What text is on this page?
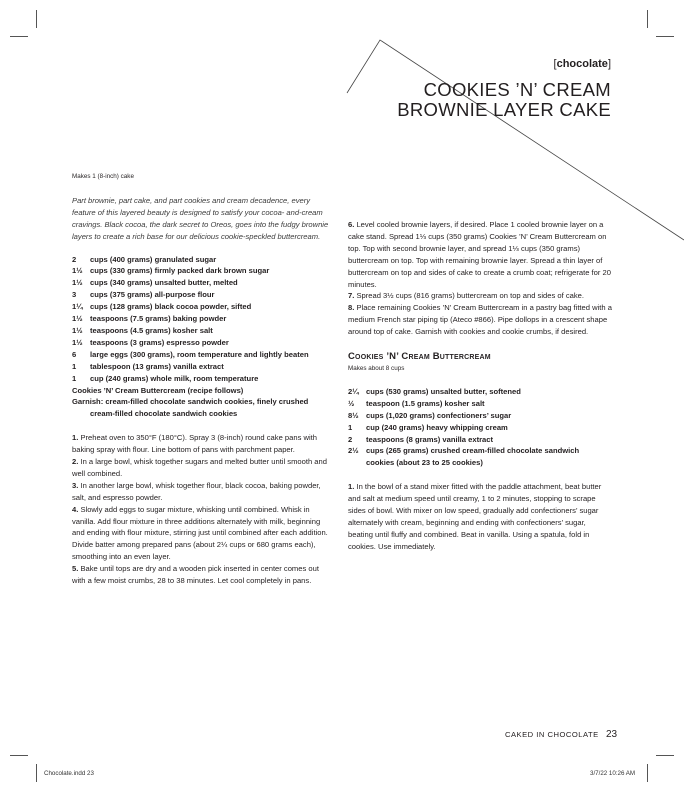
[chocolate]
COOKIES ’N’ CREAM BROWNIE LAYER CAKE
Makes 1 (8-inch) cake
Part brownie, part cake, and part cookies and cream decadence, every feature of this layered beauty is designed to satisfy your cocoa- and-cream cravings. Black cocoa, the dark secret to Oreos, goes into the fudgy brownie layers to create a rich base for our delicious cookie-speckled buttercream.
2	cups (400 grams) granulated sugar
1½ cups (330 grams) firmly packed dark brown sugar
1½ cups (340 grams) unsalted butter, melted
3	cups (375 grams) all-purpose flour
1¼ cups (128 grams) black cocoa powder, sifted
1½ teaspoons (7.5 grams) baking powder
1½ teaspoons (4.5 grams) kosher salt
1½ teaspoons (3 grams) espresso powder
6	large eggs (300 grams), room temperature and lightly beaten
1	tablespoon (13 grams) vanilla extract
1	cup (240 grams) whole milk, room temperature
Cookies ’N’ Cream Buttercream (recipe follows)
Garnish: cream-filled chocolate sandwich cookies, finely crushed
cream-filled chocolate sandwich cookies

1. Preheat oven to 350°F (180°C). Spray 3 (8-inch) round cake pans with baking spray with flour. Line bottom of pans with parchment paper.

2. In a large bowl, whisk together sugars and melted butter until smooth and well combined.

3. In another large bowl, whisk together flour, black cocoa, baking powder, salt, and espresso powder.

4. Slowly add eggs to sugar mixture, whisking until combined. Whisk in vanilla. Add flour mixture in three additions alternately with milk, beginning and ending with flour mixture, stirring just until combined after each addition. Divide batter among prepared pans (about 2¼ cups or 680 grams each), smoothing into an even layer.

5. Bake until tops are dry and a wooden pick inserted in center comes out with a few moist crumbs, 28 to 38 minutes. Let cool completely in pans.

6. Level cooled brownie layers, if desired. Place 1 cooled brownie layer on a cake stand. Spread 1⅓ cups (350 grams) Cookies ’N’ Cream Buttercream on top. Top with second brownie layer, and spread 1⅓ cups (350 grams) buttercream on top. Top with remaining brownie layer. Spread a thin layer of buttercream on top and sides of cake to create a crumb coat; refrigerate for 20 minutes.

7. Spread 3½ cups (816 grams) buttercream on top and sides of cake.

8. Place remaining Cookies ’N’ Cream Buttercream in a pastry bag fitted with a medium French star piping tip (Ateco #866). Pipe dollops in a crescent shape around top of cake. Garnish with cookies and cookie crumbs, if desired.

Cookies ’N’ Cream Buttercream
Makes about 8 cups
2¼ cups (530 grams) unsalted butter, softened
½	teaspoon (1.5 grams) kosher salt
8½ cups (1,020 grams) confectioners’ sugar
1	cup (240 grams) heavy whipping cream
2	teaspoons (8 grams) vanilla extract
2½ cups (265 grams) crushed cream-filled chocolate sandwich
cookies (about 23 to 25 cookies)

1. In the bowl of a stand mixer fitted with the paddle attachment, beat butter and salt at medium speed until creamy, 1 to 2 minutes, stopping to scrape sides of bowl. With mixer on low speed, gradually add confectioners’ sugar alternately with cream, beginning and ending with confectioners’ sugar, beating until fluffy and combined. Beat in vanilla. Using a spatula, fold in cookies. Use immediately.

CAKED IN CHOCOLATE 23
Chocolate.indd 23	3/7/22 10:26 AM
